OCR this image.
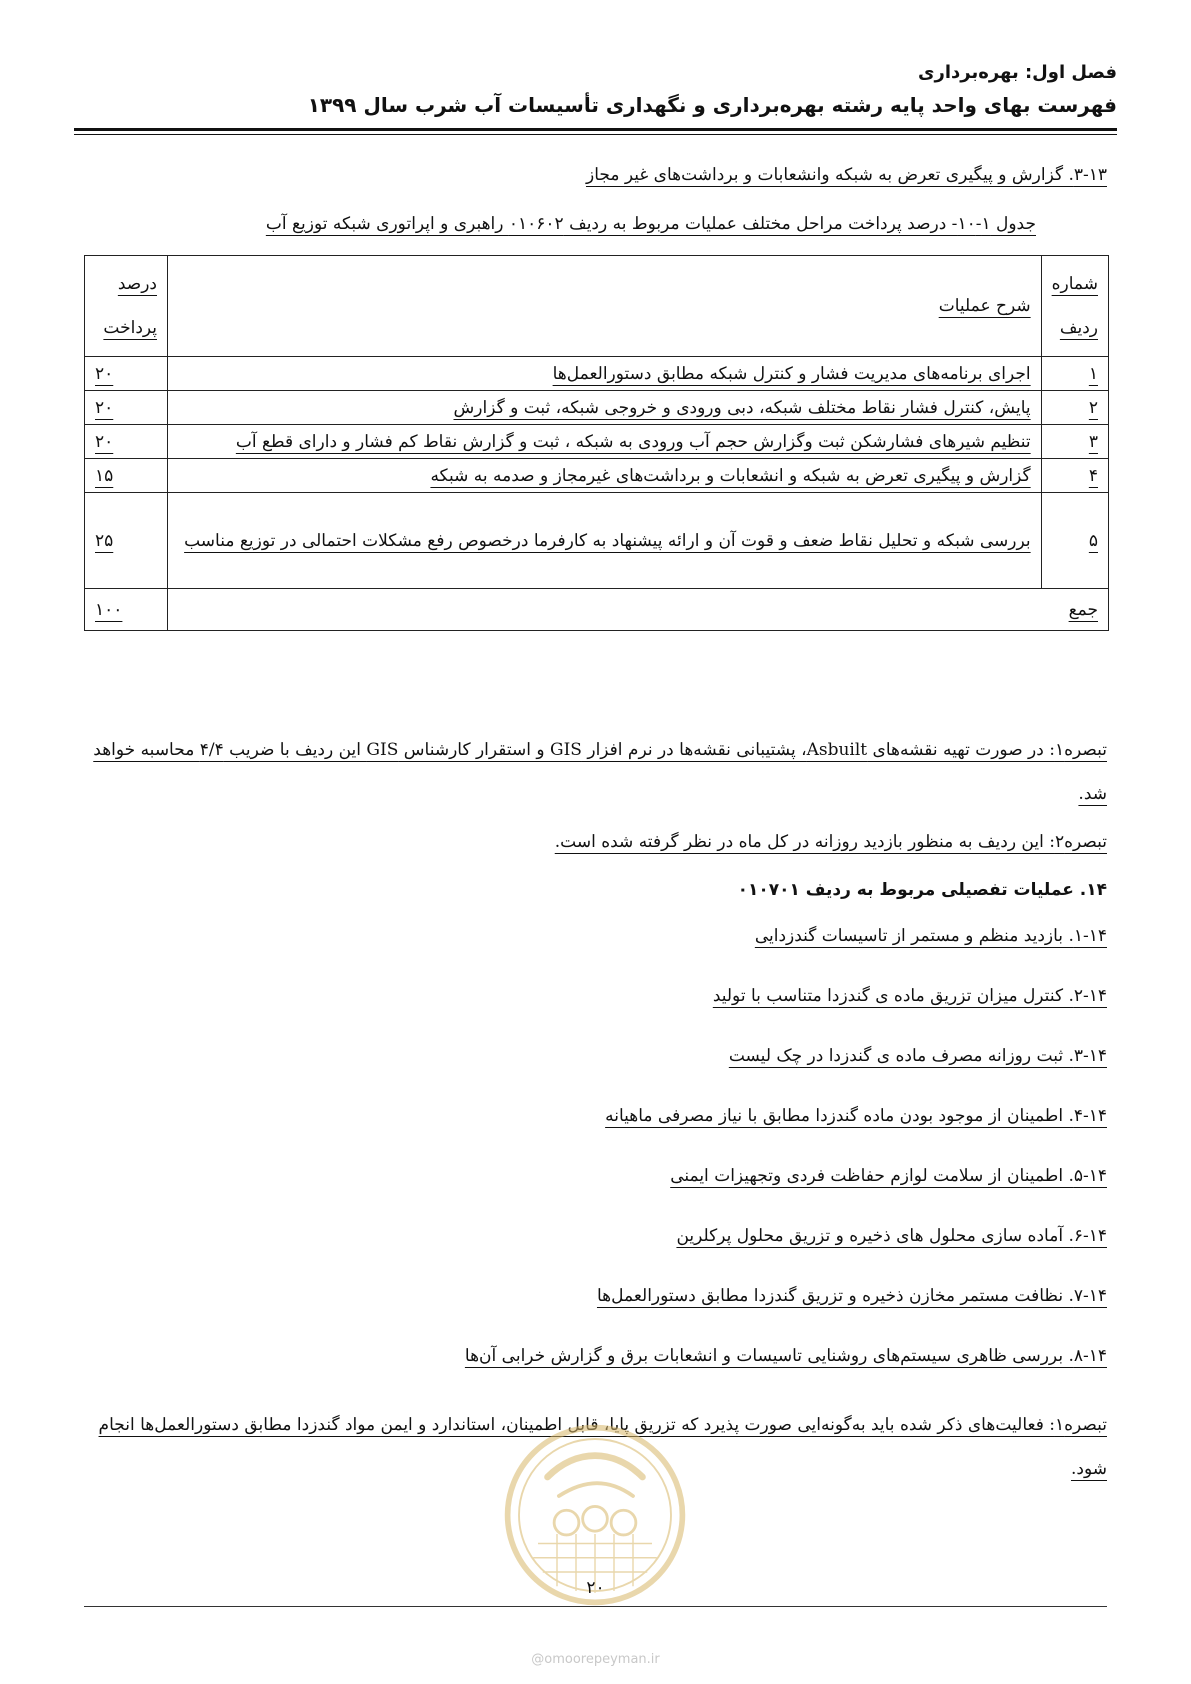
فصل اول: بهره‌برداری
فهرست بهای واحد پایه رشته بهره‌برداری و نگهداری تأسیسات آب شرب سال ۱۳۹۹
۳-۱۳. گزارش و پیگیری تعرض به شبکه وانشعابات و برداشت‌های غیر مجاز
جدول ۱-۱۰- درصد پرداخت مراحل مختلف عملیات مربوط به ردیف ۰۱۰۶۰۲ راهبری و اپراتوری شبکه توزیع آب
شماره ردیف	شرح عملیات	درصد پرداخت
۱	اجرای برنامه‌های مدیریت فشار و کنترل شبکه مطابق دستورالعمل‌ها	۲۰
۲	پایش، کنترل فشار نقاط مختلف شبکه، دبی ورودی و خروجی شبکه، ثبت و گزارش	۲۰
۳	تنظیم شیرهای فشارشکن ثبت وگزارش حجم آب ورودی به شبکه ، ثبت و گزارش نقاط کم فشار و دارای قطع آب	۲۰
۴	گزارش و پیگیری تعرض به شبکه و انشعابات و برداشت‌های غیرمجاز و صدمه به شبکه	۱۵
۵	بررسی شبکه و تحلیل نقاط ضعف و قوت آن و ارائه پیشنهاد به کارفرما درخصوص رفع مشکلات احتمالی در توزیع مناسب	۲۵
جمع		۱۰۰
تبصره۱: در صورت تهیه نقشه‌های Asbuilt، پشتیبانی نقشه‌ها در نرم افزار GIS و استقرار کارشناس GIS این ردیف با ضریب ۴/۴ محاسبه خواهد شد.
تبصره۲: این ردیف به منظور بازدید روزانه در کل ماه در نظر گرفته شده است.
۱۴. عملیات تفصیلی مربوط به ردیف ۰۱۰۷۰۱
۱-۱۴. بازدید منظم و مستمر از تاسیسات گندزدایی
۲-۱۴. کنترل میزان تزریق ماده ی گندزدا متناسب با تولید
۳-۱۴. ثبت روزانه مصرف ماده ی گندزدا در چک لیست
۴-۱۴. اطمینان از موجود بودن ماده گندزدا مطابق با نیاز مصرفی ماهیانه
۵-۱۴. اطمینان از سلامت لوازم حفاظت فردی وتجهیزات ایمنی
۶-۱۴. آماده سازی محلول های ذخیره و تزریق محلول پرکلرین
۷-۱۴. نظافت مستمر مخازن ذخیره و تزریق گندزدا مطابق دستورالعمل‌ها
۸-۱۴. بررسی ظاهری سیستم‌های روشنایی تاسیسات و انشعابات برق و گزارش خرابی آن‌ها
تبصره۱: فعالیت‌های ذکر شده باید به‌گونه‌ایی صورت پذیرد که تزریق پایا، قابل اطمینان، استاندارد و ایمن مواد گندزدا مطابق دستورالعمل‌ها انجام شود.
۲۰
@omoorepeyman.ir
